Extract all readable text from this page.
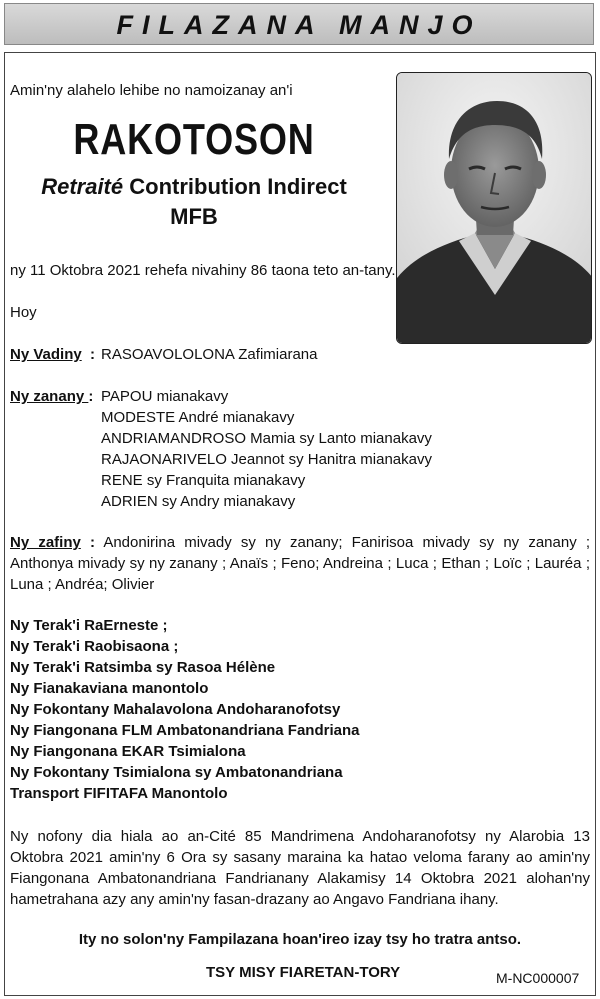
FILAZANA MANJO
Amin'ny alahelo lehibe no namoizanay an'i
RAKOTOSON
Retraité Contribution Indirect
MFB
ny 11 Oktobra 2021 rehefa nivahiny 86 taona teto an-tany.
Hoy
Ny Vadiny : RASOAVOLOLONA Zafimiarana
Ny zanany : PAPOU mianakavy
MODESTE André mianakavy
ANDRIAMANDROSO Mamia sy Lanto mianakavy
RAJAONARIVELO Jeannot sy Hanitra mianakavy
RENE sy Franquita mianakavy
ADRIEN sy Andry mianakavy
Ny zafiny : Andonirina mivady sy ny zanany; Fanirisoa mivady sy ny zanany ; Anthonya mivady sy ny zanany ; Anaïs ; Feno; Andreina ; Luca ; Ethan ; Loïc ; Lauréa ; Luna ; Andréa; Olivier
Ny Terak'i RaErneste ;
Ny Terak'i Raobisaona ;
Ny Terak'i Ratsimba sy Rasoa Hélène
Ny Fianakaviana manontolo
Ny Fokontany Mahalavolona Andoharanofotsy
Ny Fiangonana FLM Ambatonandriana Fandriana
Ny Fiangonana EKAR Tsimialona
Ny Fokontany Tsimialona sy Ambatonandriana
Transport FIFITAFA Manontolo
Ny nofony dia hiala ao an-Cité 85 Mandrimena Andoharanofotsy ny Alarobia 13 Oktobra 2021 amin'ny 6 Ora sy sasany maraina ka hatao veloma farany ao amin'ny Fiangonana Ambatonandriana Fandrianany Alakamisy 14 Oktobra 2021 alohan'ny hametrahana azy any amin'ny fasan-drazany ao Angavo Fandriana ihany.
Ity no solon'ny Fampilazana hoan'ireo izay tsy ho tratra antso.
TSY MISY FIARETAN-TORY	M-NC000007
